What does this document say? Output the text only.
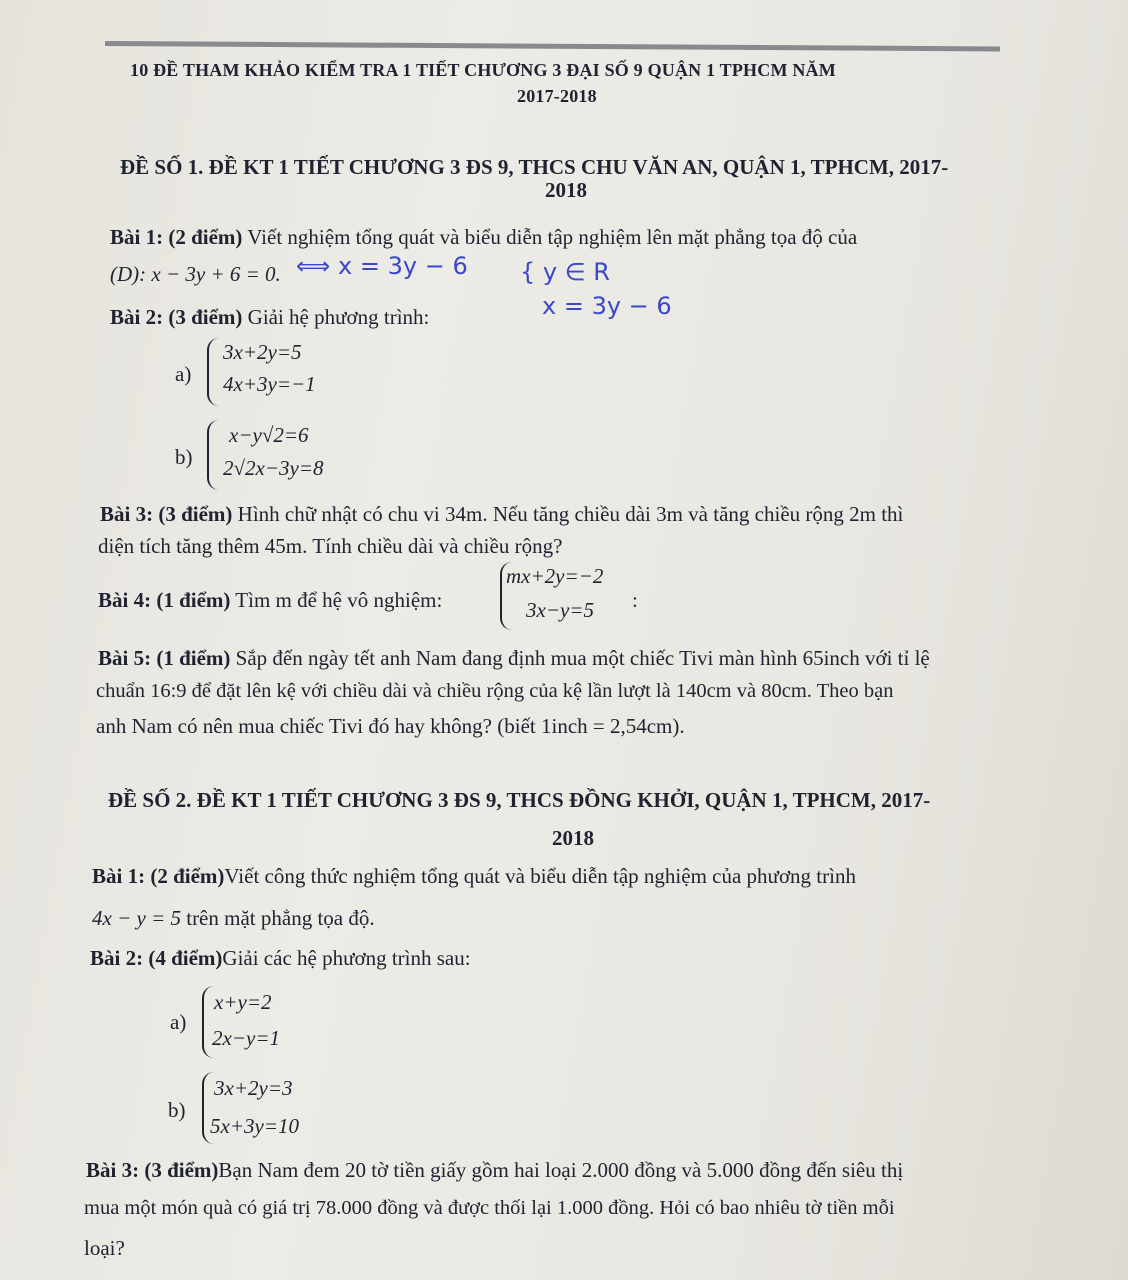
10 ĐỀ THAM KHẢO KIỂM TRA 1 TIẾT CHƯƠNG 3 ĐẠI SỐ 9 QUẬN 1 TPHCM NĂM
2017-2018
ĐỀ SỐ 1. ĐỀ KT 1 TIẾT CHƯƠNG 3 ĐS 9, THCS CHU VĂN AN, QUẬN 1, TPHCM, 2017-
2018
Bài 1: (2 điểm) Viết nghiệm tổng quát và biểu diễn tập nghiệm lên mặt phẳng tọa độ của
(D): x − 3y + 6 = 0. ⟺ x = 3y − 6 { y ∈ R
x = 3y − 6
Bài 2: (3 điểm) Giải hệ phương trình:
a)
3x+2y=5
4x+3y=−1
b)
x−y√2=6
2√2x−3y=8
Bài 3: (3 điểm) Hình chữ nhật có chu vi 34m. Nếu tăng chiều dài 3m và tăng chiều rộng 2m thì
diện tích tăng thêm 45m. Tính chiều dài và chiều rộng?
Bài 4: (1 điểm) Tìm m để hệ vô nghiệm:
mx+2y=−2
3x−y=5 :
Bài 5: (1 điểm) Sắp đến ngày tết anh Nam đang định mua một chiếc Tivi màn hình 65inch với tỉ lệ
chuẩn 16:9 để đặt lên kệ với chiều dài và chiều rộng của kệ lần lượt là 140cm và 80cm. Theo bạn
anh Nam có nên mua chiếc Tivi đó hay không? (biết 1inch = 2,54cm).
ĐỀ SỐ 2. ĐỀ KT 1 TIẾT CHƯƠNG 3 ĐS 9, THCS ĐỒNG KHỞI, QUẬN 1, TPHCM, 2017-
2018
Bài 1: (2 điểm)Viết công thức nghiệm tổng quát và biểu diễn tập nghiệm của phương trình
4x − y = 5 trên mặt phẳng tọa độ.
Bài 2: (4 điểm)Giải các hệ phương trình sau:
a)
x+y=2
2x−y=1
b)
3x+2y=3
5x+3y=10
Bài 3: (3 điểm)Bạn Nam đem 20 tờ tiền giấy gồm hai loại 2.000 đồng và 5.000 đồng đến siêu thị
mua một món quà có giá trị 78.000 đồng và được thối lại 1.000 đồng. Hỏi có bao nhiêu tờ tiền mỗi
loại?
